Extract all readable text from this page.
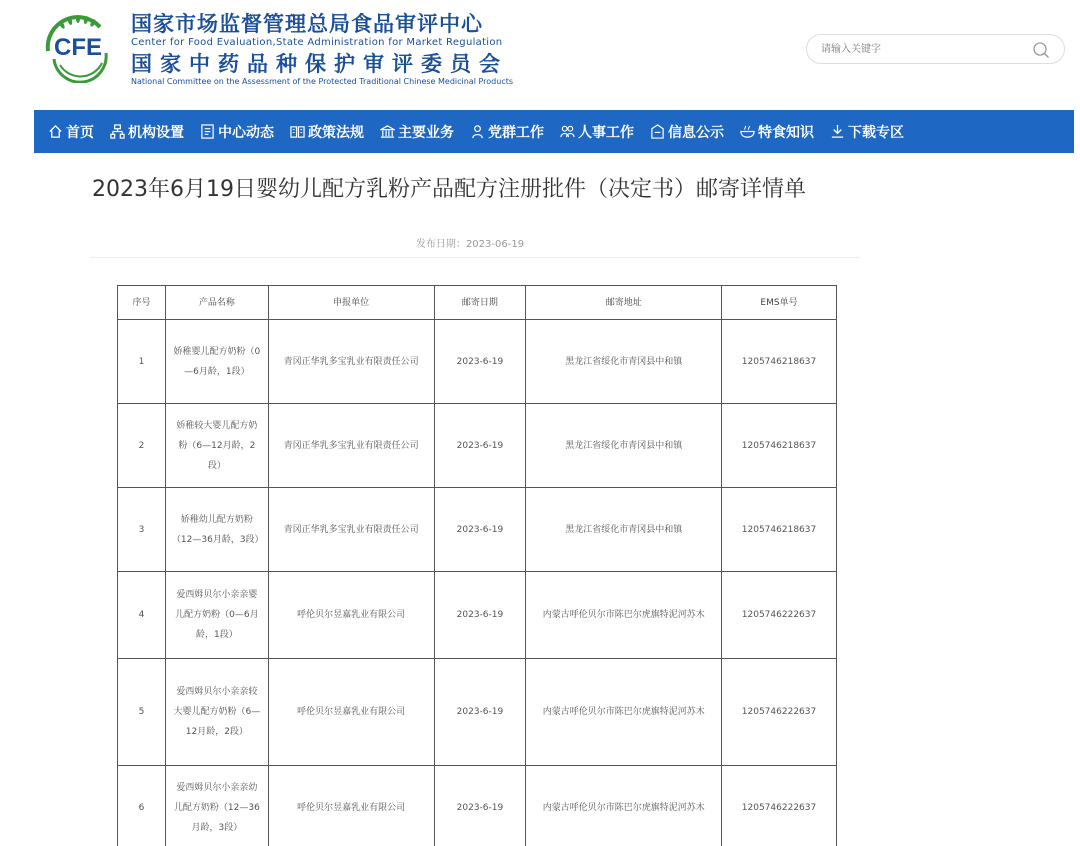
CFE
国家市场监督管理总局食品审评中心
Center for Food Evaluation,State Administration for Market Regulation
国家中药品种保护审评委员会
National Committee on the Assessment of the Protected Traditional Chinese Medicinal Products
请输入关键字
首页 机构设置 中心动态 政策法规 主要业务 党群工作 人事工作 信息公示 特食知识 下载专区
2023年6月19日婴幼儿配方乳粉产品配方注册批件（决定书）邮寄详情单
发布日期：2023-06-19
序号	产品名称	申报单位	邮寄日期	邮寄地址	EMS单号
1	娇稚婴儿配方奶粉（0—6月龄，1段）	青冈正华乳多宝乳业有限责任公司	2023-6-19	黑龙江省绥化市青冈县中和镇	1205746218637
2	娇稚较大婴儿配方奶粉（6—12月龄，2段）	青冈正华乳多宝乳业有限责任公司	2023-6-19	黑龙江省绥化市青冈县中和镇	1205746218637
3	娇稚幼儿配方奶粉（12—36月龄，3段）	青冈正华乳多宝乳业有限责任公司	2023-6-19	黑龙江省绥化市青冈县中和镇	1205746218637
4	爱西姆贝尔小亲亲婴儿配方奶粉（0—6月龄，1段）	呼伦贝尔昱嘉乳业有限公司	2023-6-19	内蒙古呼伦贝尔市陈巴尔虎旗特泥河苏木	1205746222637
5	爱西姆贝尔小亲亲较大婴儿配方奶粉（6—12月龄，2段）	呼伦贝尔昱嘉乳业有限公司	2023-6-19	内蒙古呼伦贝尔市陈巴尔虎旗特泥河苏木	1205746222637
6	爱西姆贝尔小亲亲幼儿配方奶粉（12—36月龄，3段）	呼伦贝尔昱嘉乳业有限公司	2023-6-19	内蒙古呼伦贝尔市陈巴尔虎旗特泥河苏木	1205746222637
